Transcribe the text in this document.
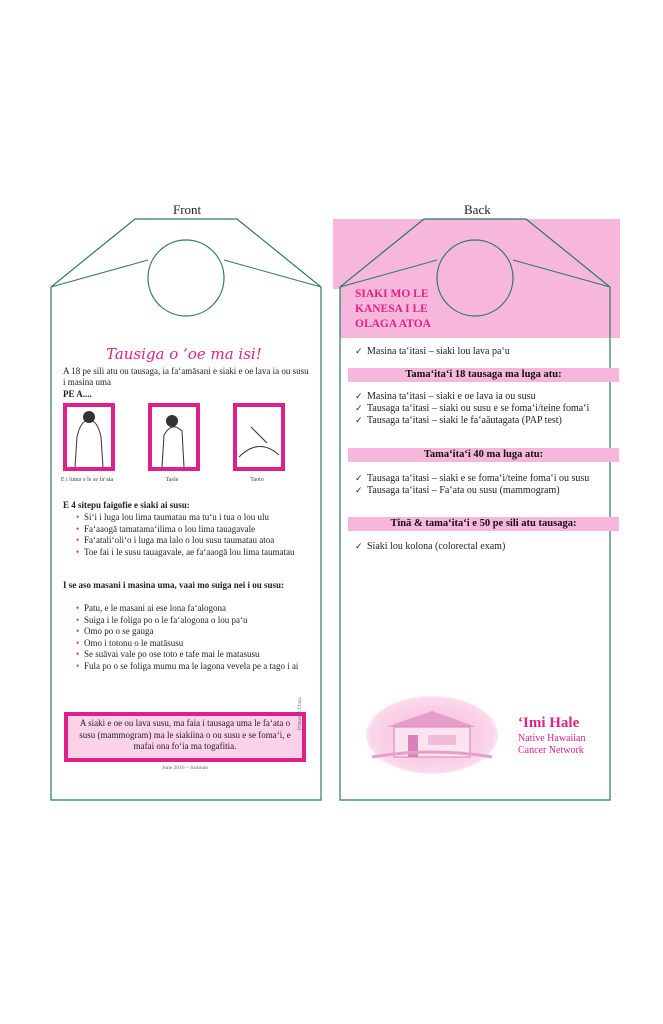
Front	Back
Tausiga o ‘oe ma isi!
A 18 pe sili atu ou tausaga, ia fa‘amāsani e siaki e oe lava ia ou susu i masina uma
PE A....
E i luma o le se fa‘ata	Taele	Taoto
E 4 sitepu faigofie e siaki ai susu:
• Si‘i i luga lou lima taumatau ma tu‘u i tua o lou ulu
• Fa‘aaogā tamatama‘ilima o lou lima tauagavale
• Fa‘atali‘oli‘o i luga ma lalo o lou susu taumatau atoa
• Toe fai i le susu tauagavale, ae fa‘aaogā lou lima taumatau
I se aso masani i masina uma, vaai mo suiga nei i ou susu:
• Patu, e le masani ai ese lona fa‘alogona
• Suiga i le foliga po o le fa‘alogona o lou pa‘u
• Omo po o se gauga
• Omo i totonu o le matāsusu
• Se suāvai vale po ose toto e tafe mai le matasusu
• Fula po o se foliga mumu ma le lagona vevela pe a tago i ai
A siaki e oe ou lava susu, ma faia i tausaga uma le fa‘ata o susu (mammogram) ma le siakiina o ou susu e se foma‘i, e mafai ona fo‘ia ma togafitia.
Printed in China
June 2016 – Samoan
SIAKI MO LE KANESA I LE OLAGA ATOA
✓ Masina ta‘itasi – siaki lou lava pa‘u
Tama‘ita‘i 18 tausaga ma luga atu:
✓ Masina ta‘itasi – siaki e oe lava ia ou susu
✓ Tausaga ta‘itasi – siaki ou susu e se foma‘i/teine foma‘i
✓ Tausaga ta‘itasi – siaki le fa‘aāutagata (PAP test)
Tama‘ita‘i 40 ma luga atu:
✓ Tausaga ta‘itasi – siaki e se foma‘i/teine foma‘i ou susu
✓ Tausaga ta‘itasi – Fa‘ata ou susu (mammogram)
Tinā & tama‘ita‘i e 50 pe sili atu tausaga:
✓ Siaki lou kolona (colorectal exam)
‘Imi Hale
Native Hawaiian
Cancer Network
